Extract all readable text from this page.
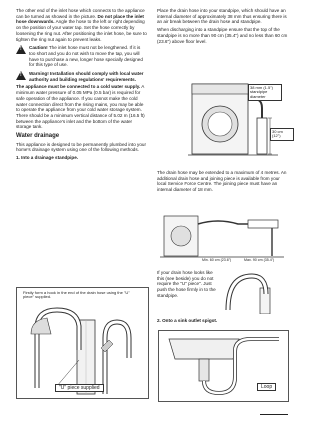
The other end of the inlet hose which connects to the appliance can be turned as showed in the picture. Do not place the inlet hose downwards. Angle the hose to the left or right depending on the position of your water tap. Set the hose correctly by loosening the ring nut. After positioning the inlet hose, be sure to tighten the ring nut again to prevent leaks.

! Caution! The inlet hose must not be lengthened. If it is too short and you do not wish to move the tap, you will have to purchase a new, longer hose specially designed for this type of use.
! Warning! Installation should comply with local water authority and building regulations' requirements.

The appliance must be connected to a cold water supply. A minimum water pressure of 0.05 MPa (0.5 bar) is required for safe operation of the appliance. If you cannot make the cold water connection direct from the rising mains, you may be able to operate the appliance from your cold water storage system. There should be a minimum vertical distance of 5.02 m (16.5 ft) between the appliance's inlet and the bottom of the water storage tank.

Water drainage

This appliance is designed to be permanently plumbed into your home's drainage system using one of the following methods.

1. Into a drainage standpipe.

Firstly form a hook in the end of the drain hose using the "U" piece" supplied.
"U" piece supplied

Place the drain hose into your standpipe, which should have an internal diameter of approximately 38 mm thus ensuring there is an air break between the drain hose and standpipe.

When discharging into a standpipe ensure that the top of the standpipe is no more than 90 cm (35.4") and no less than 60 cm (23.6") above floor level.

38 mm (1.5") standpipe diameter
30 cm (12")

The drain hose may be extended to a maximum of 4 metres. An additional drain hose and joining piece is available from your local Service Force Centre. The joining piece must have an internal diameter of 18 mm.

Min. 60 cm (23.6")	Max. 90 cm (35.4")

If your drain hose looks like this (see beside) you do not require the "U" piece". Just push the hose firmly in to the standpipe.

2. Onto a sink outlet spigot.

Loop
